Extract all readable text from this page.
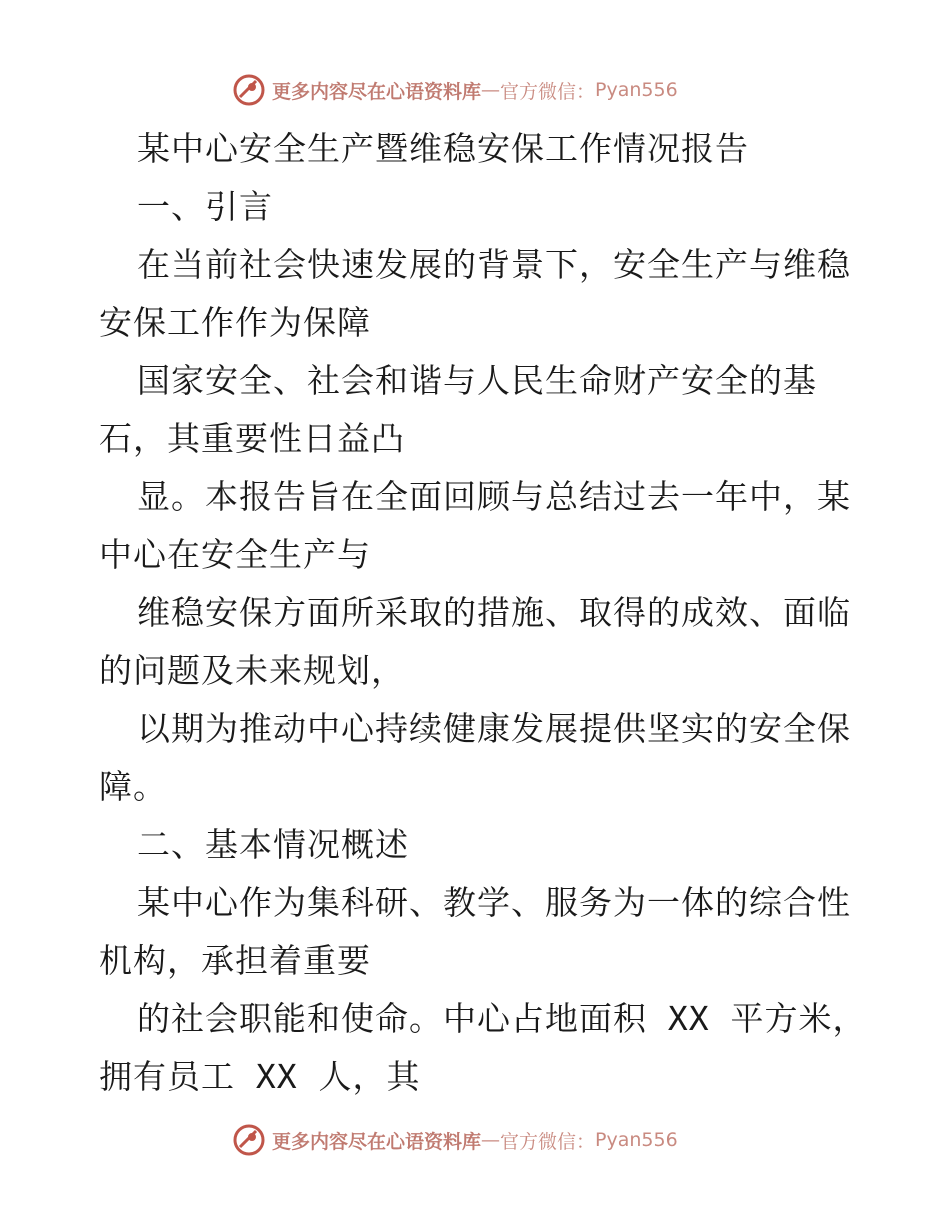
更多内容尽在心语资料库 — 官方微信： Pyan556
某中心安全生产暨维稳安保工作情况报告
一、引言
在当前社会快速发展的背景下，安全生产与维稳
安保工作作为保障
国家安全、社会和谐与人民生命财产安全的基
石，其重要性日益凸
显。本报告旨在全面回顾与总结过去一年中，某
中心在安全生产与
维稳安保方面所采取的措施、取得的成效、面临
的问题及未来规划，
以期为推动中心持续健康发展提供坚实的安全保
障。
二、基本情况概述
某中心作为集科研、教学、服务为一体的综合性
机构，承担着重要
的社会职能和使命。中心占地面积 XX 平方米，
拥有员工 XX 人，其
更多内容尽在心语资料库 — 官方微信： Pyan556
